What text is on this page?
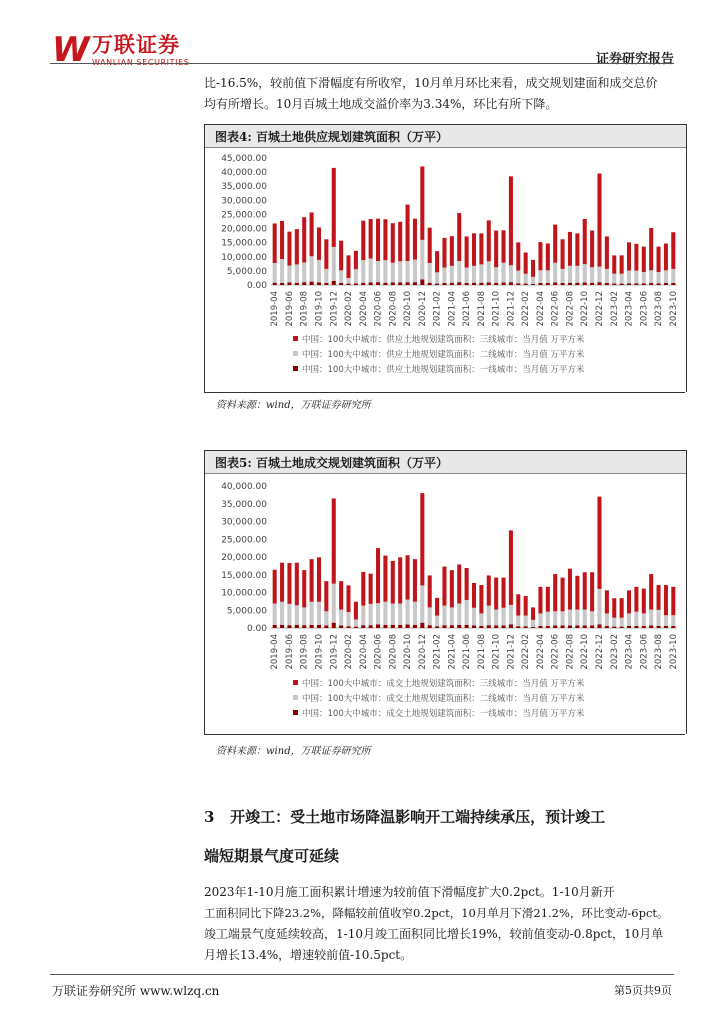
W 万联证券
WANLIAN SECURITIES	证券研究报告

比-16.5%，较前值下滑幅度有所收窄，10月单月环比来看，成交规划建面和成交总价

均有所增长。10月百城土地成交溢价率为3.34%，环比有所下降。

图表4: 百城土地供应规划建筑面积（万平）
0.00
5,000.00
10,000.00
15,000.00
20,000.00
25,000.00
30,000.00
35,000.00
40,000.00
45,000.00
2019-04 2019-06 2019-08 2019-10 2019-12 2020-02 2020-04 2020-06 2020-08 2020-10 2020-12 2021-02 2021-04 2021-06 2021-08 2021-10 2021-12 2022-02 2022-04 2022-06 2022-08 2022-10 2022-12 2023-02 2023-04 2023-06 2023-08 2023-10
中国：100大中城市：供应土地规划建筑面积：三线城市：当月值 万平方米
中国：100大中城市：供应土地规划建筑面积：二线城市：当月值 万平方米
中国：100大中城市：供应土地规划建筑面积：一线城市：当月值 万平方米
资料来源：wind，万联证券研究所
图表5: 百城土地成交规划建筑面积（万平）
0.00
5,000.00
10,000.00
15,000.00
20,000.00
25,000.00
30,000.00
35,000.00
40,000.00
2019-04 2019-06 2019-08 2019-10 2019-12 2020-02 2020-04 2020-06 2020-08 2020-10 2020-12 2021-02 2021-04 2021-06 2021-08 2021-10 2021-12 2022-02 2022-04 2022-06 2022-08 2022-10 2022-12 2023-02 2023-04 2023-06 2023-08 2023-10
中国：100大中城市：成交土地规划建筑面积：三线城市：当月值 万平方米
中国：100大中城市：成交土地规划建筑面积：二线城市：当月值 万平方米
中国：100大中城市：成交土地规划建筑面积：一线城市：当月值 万平方米
资料来源：wind，万联证券研究所
3 开竣工：受土地市场降温影响开工端持续承压，预计竣工
端短期景气度可延续

2023年1-10月施工面积累计增速为较前值下滑幅度扩大0.2pct。1-10月新开

工面积同比下降23.2%，降幅较前值收窄0.2pct，10月单月下滑21.2%，环比变动-6pct。

竣工端景气度延续较高，1-10月竣工面积同比增长19%，较前值变动-0.8pct，10月单

月增长13.4%，增速较前值-10.5pct。

万联证券研究所 www.wlzq.cn	第5页共9页
